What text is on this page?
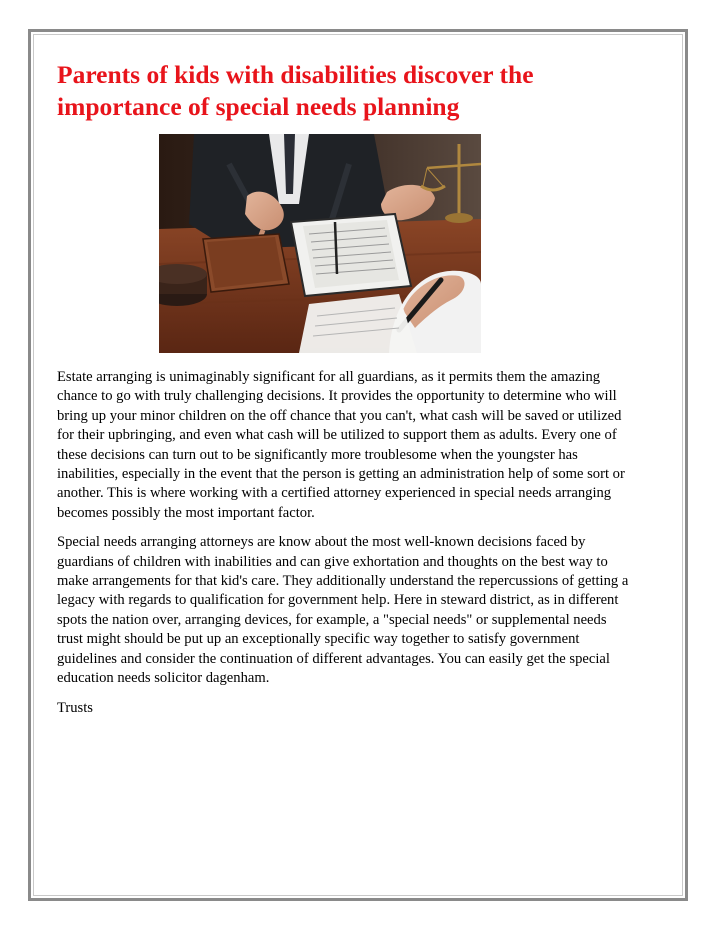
Parents of kids with disabilities discover the importance of special needs planning

Estate arranging is unimaginably significant for all guardians, as it permits them the amazing chance to go with truly challenging decisions. It provides the opportunity to determine who will bring up your minor children on the off chance that you can't, what cash will be saved or utilized for their upbringing, and even what cash will be utilized to support them as adults. Every one of these decisions can turn out to be significantly more troublesome when the youngster has inabilities, especially in the event that the person is getting an administration help of some sort or another. This is where working with a certified attorney experienced in special needs arranging becomes possibly the most important factor.

Special needs arranging attorneys are know about the most well-known decisions faced by guardians of children with inabilities and can give exhortation and thoughts on the best way to make arrangements for that kid's care. They additionally understand the repercussions of getting a legacy with regards to qualification for government help. Here in steward district, as in different spots the nation over, arranging devices, for example, a "special needs" or supplemental needs trust might should be put up an exceptionally specific way together to satisfy government guidelines and consider the continuation of different advantages. You can easily get the special education needs solicitor dagenham.

Trusts
